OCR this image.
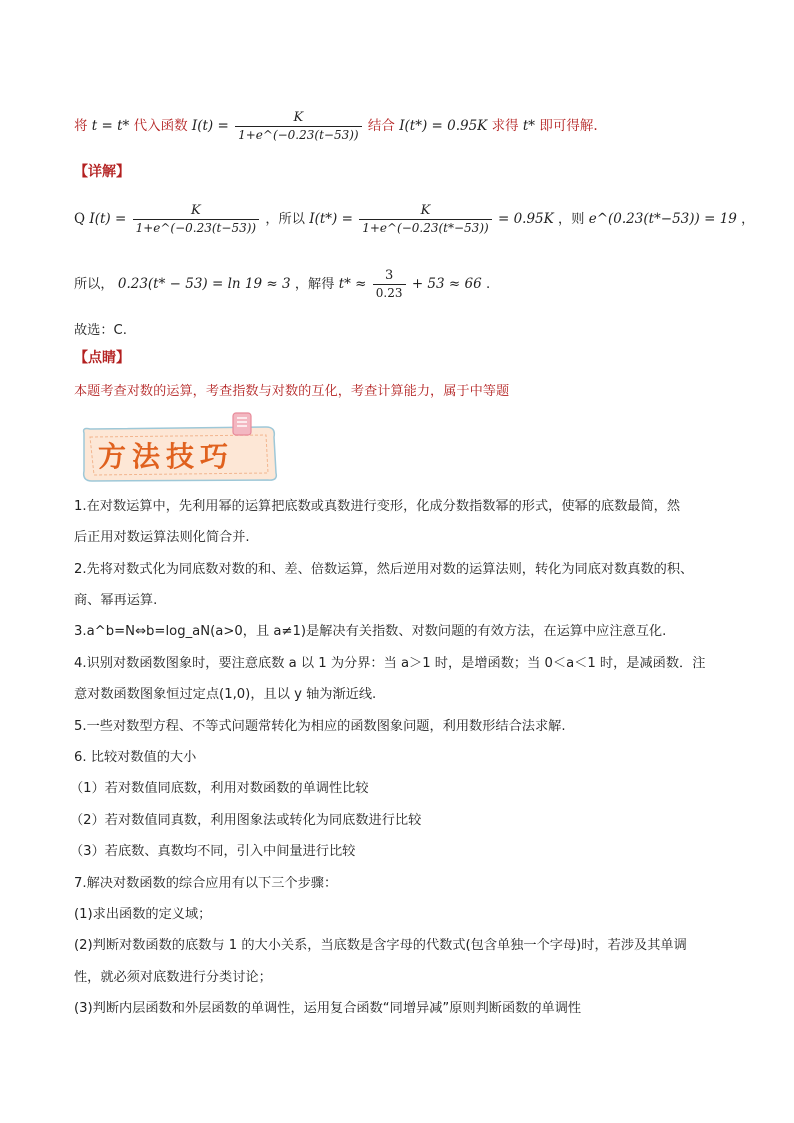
将 t = t* 代入函数 $I(t) = \frac{K}{1+e\^{}(-0.23(t-53))}$ 结合 I(t*) = 0.95K 求得 t* 即可得解.
【详解】
Q $I(t) = \frac{K}{1+e\^{}(-0.23(t-53))}$ ，所以 $I(t*) = \frac{K}{1+e\^{}(-0.23(t*-53))} = 0.95K$ ，则 e^(0.23(t*−53)) = 19 ，
所以， 0.23(t* − 53) = ln 19 ≈ 3 ，解得 $t* \approx \frac{3}{0.23} + 53 \approx 66$ .
故选：C.
【点睛】
本题考查对数的运算，考查指数与对数的互化，考查计算能力，属于中等题
方法技巧
1.在对数运算中，先利用幂的运算把底数或真数进行变形，化成分数指数幂的形式，使幂的底数最简，然
后正用对数运算法则化简合并.
2.先将对数式化为同底数对数的和、差、倍数运算，然后逆用对数的运算法则，转化为同底对数真数的积、
商、幂再运算.
3.a^b=N⇔b=log_aN(a>0，且 a≠1)是解决有关指数、对数问题的有效方法，在运算中应注意互化.
4.识别对数函数图象时，要注意底数 a 以 1 为分界：当 a＞1 时，是增函数；当 0＜a＜1 时，是减函数．注
意对数函数图象恒过定点(1,0)，且以 y 轴为渐近线.
5.一些对数型方程、不等式问题常转化为相应的函数图象问题，利用数形结合法求解.
6. 比较对数值的大小
（1）若对数值同底数，利用对数函数的单调性比较
（2）若对数值同真数，利用图象法或转化为同底数进行比较
（3）若底数、真数均不同，引入中间量进行比较
7.解决对数函数的综合应用有以下三个步骤：
(1)求出函数的定义域；
(2)判断对数函数的底数与 1 的大小关系，当底数是含字母的代数式(包含单独一个字母)时，若涉及其单调
性，就必须对底数进行分类讨论；
(3)判断内层函数和外层函数的单调性，运用复合函数“同增异减”原则判断函数的单调性
